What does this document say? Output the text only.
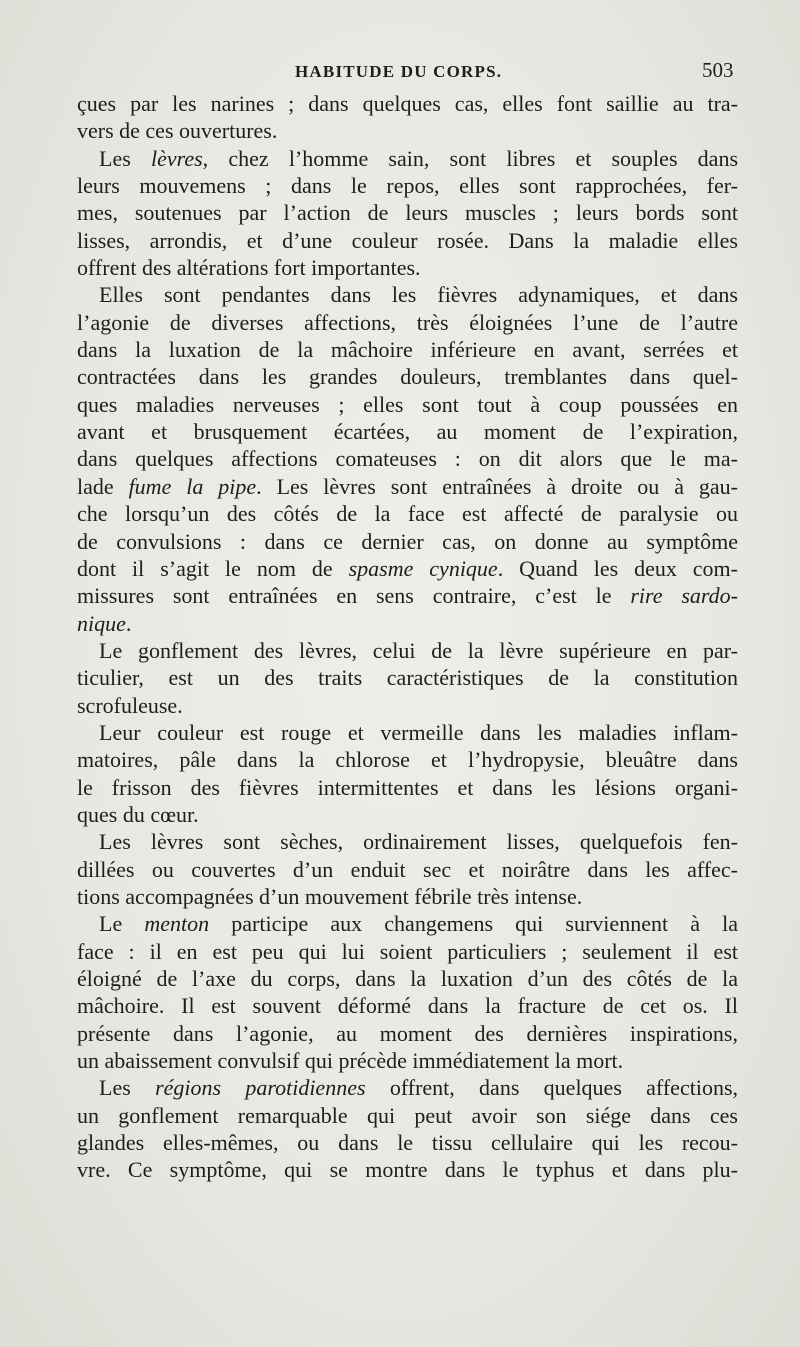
HABITUDE DU CORPS.	503
çues par les narines ; dans quelques cas, elles font saillie au tra-
vers de ces ouvertures.
Les lèvres, chez l’homme sain, sont libres et souples dans
leurs mouvemens ; dans le repos, elles sont rapprochées, fer-
mes, soutenues par l’action de leurs muscles ; leurs bords sont
lisses, arrondis, et d’une couleur rosée. Dans la maladie elles
offrent des altérations fort importantes.
Elles sont pendantes dans les fièvres adynamiques, et dans
l’agonie de diverses affections, très éloignées l’une de l’autre
dans la luxation de la mâchoire inférieure en avant, serrées et
contractées dans les grandes douleurs, tremblantes dans quel-
ques maladies nerveuses ; elles sont tout à coup poussées en
avant et brusquement écartées, au moment de l’expiration,
dans quelques affections comateuses : on dit alors que le ma-
lade fume la pipe. Les lèvres sont entraînées à droite ou à gau-
che lorsqu’un des côtés de la face est affecté de paralysie ou
de convulsions : dans ce dernier cas, on donne au symptôme
dont il s’agit le nom de spasme cynique. Quand les deux com-
missures sont entraînées en sens contraire, c’est le rire sardo-
nique.
Le gonflement des lèvres, celui de la lèvre supérieure en par-
ticulier, est un des traits caractéristiques de la constitution
scrofuleuse.
Leur couleur est rouge et vermeille dans les maladies inflam-
matoires, pâle dans la chlorose et l’hydropysie, bleuâtre dans
le frisson des fièvres intermittentes et dans les lésions organi-
ques du cœur.
Les lèvres sont sèches, ordinairement lisses, quelquefois fen-
dillées ou couvertes d’un enduit sec et noirâtre dans les affec-
tions accompagnées d’un mouvement fébrile très intense.
Le menton participe aux changemens qui surviennent à la
face : il en est peu qui lui soient particuliers ; seulement il est
éloigné de l’axe du corps, dans la luxation d’un des côtés de la
mâchoire. Il est souvent déformé dans la fracture de cet os. Il
présente dans l’agonie, au moment des dernières inspirations,
un abaissement convulsif qui précède immédiatement la mort.
Les régions parotidiennes offrent, dans quelques affections,
un gonflement remarquable qui peut avoir son siége dans ces
glandes elles-mêmes, ou dans le tissu cellulaire qui les recou-
vre. Ce symptôme, qui se montre dans le typhus et dans plu-
